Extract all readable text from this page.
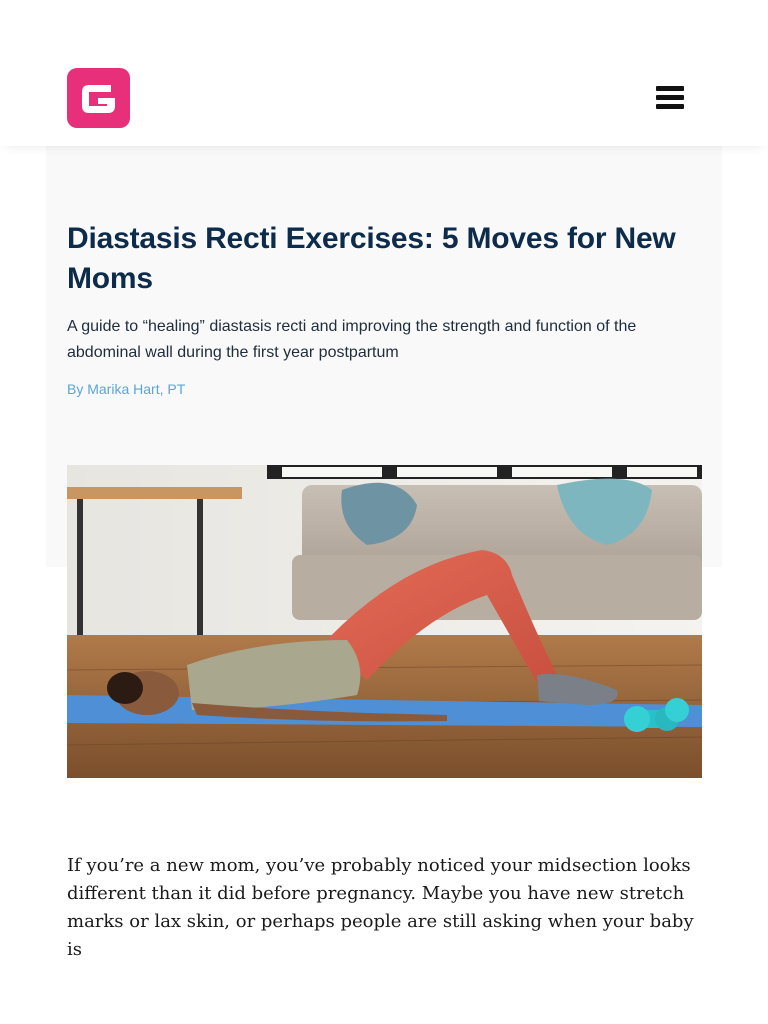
Diastasis Recti Exercises: 5 Moves for New Moms

A guide to “healing” diastasis recti and improving the strength and function of the abdominal wall during the first year postpartum

By Marika Hart, PT

If you’re a new mom, you’ve probably noticed your midsection looks different than it did before pregnancy. Maybe you have new stretch marks or lax skin, or perhaps people are still asking when your baby is
